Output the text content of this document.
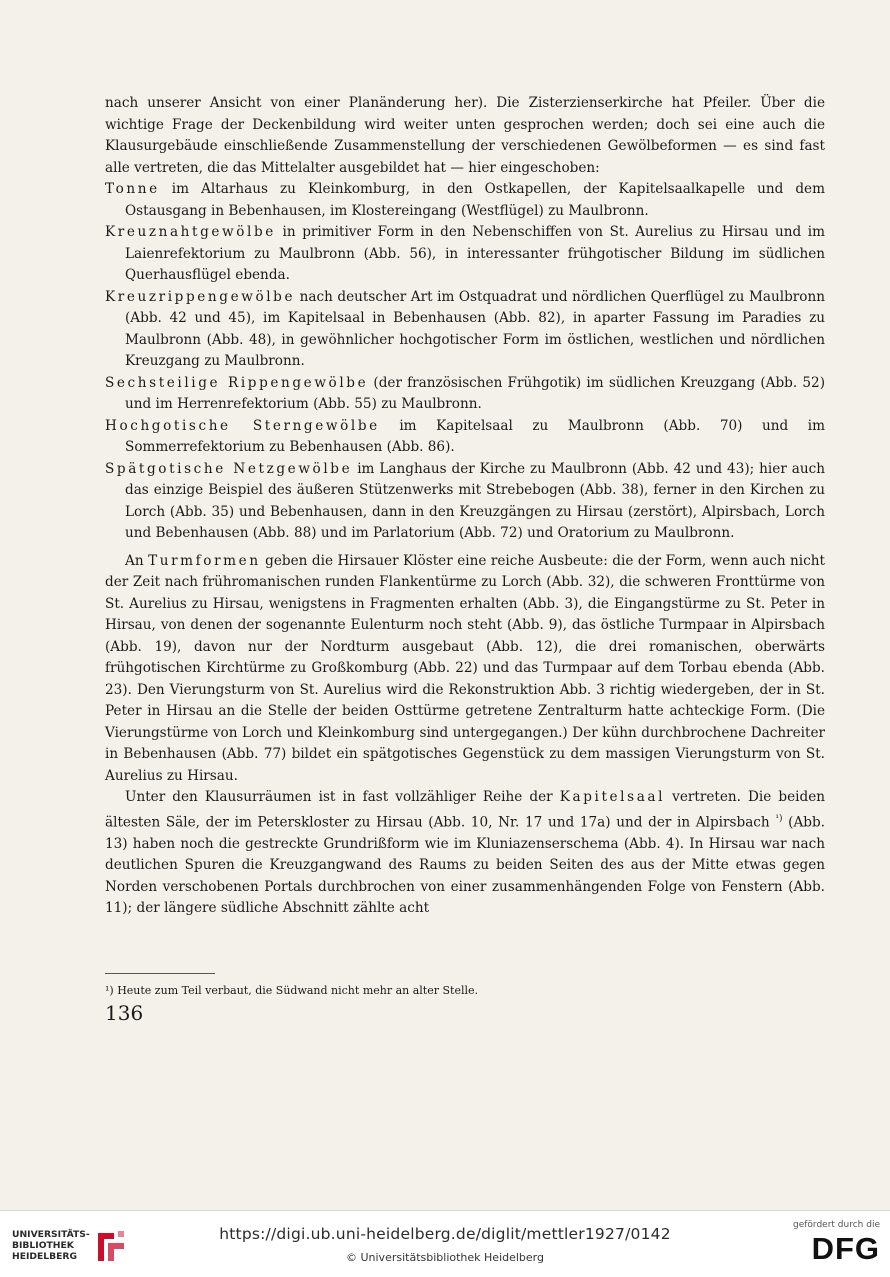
nach unserer Ansicht von einer Planänderung her). Die Zisterzienserkirche hat Pfeiler. Über die wichtige Frage der Deckenbildung wird weiter unten gesprochen werden; doch sei eine auch die Klausurgebäude einschließende Zusammenstellung der verschiedenen Gewölbeformen — es sind fast alle vertreten, die das Mittelalter ausgebildet hat — hier eingeschoben:

Tonne im Altarhaus zu Kleinkomburg, in den Ostkapellen, der Kapitelsaalkapelle und dem Ostausgang in Bebenhausen, im Klostereingang (Westflügel) zu Maulbronn.

Kreuznahtgewölbe in primitiver Form in den Nebenschiffen von St. Aurelius zu Hirsau und im Laienrefektorium zu Maulbronn (Abb. 56), in interessanter frühgotischer Bildung im südlichen Querhausflügel ebenda.

Kreuzrippengewölbe nach deutscher Art im Ostquadrat und nördlichen Querflügel zu Maulbronn (Abb. 42 und 45), im Kapitelsaal in Bebenhausen (Abb. 82), in aparter Fassung im Paradies zu Maulbronn (Abb. 48), in gewöhnlicher hochgotischer Form im östlichen, westlichen und nördlichen Kreuzgang zu Maulbronn.

Sechsteilige Rippengewölbe (der französischen Frühgotik) im südlichen Kreuzgang (Abb. 52) und im Herrenrefektorium (Abb. 55) zu Maulbronn.

Hochgotische Sterngewölbe im Kapitelsaal zu Maulbronn (Abb. 70) und im Sommerrefektorium zu Bebenhausen (Abb. 86).

Spätgotische Netzgewölbe im Langhaus der Kirche zu Maulbronn (Abb. 42 und 43); hier auch das einzige Beispiel des äußeren Stützenwerks mit Strebebogen (Abb. 38), ferner in den Kirchen zu Lorch (Abb. 35) und Bebenhausen, dann in den Kreuzgängen zu Hirsau (zerstört), Alpirsbach, Lorch und Bebenhausen (Abb. 88) und im Parlatorium (Abb. 72) und Oratorium zu Maulbronn.

An Turmformen geben die Hirsauer Klöster eine reiche Ausbeute: die der Form, wenn auch nicht der Zeit nach frühromanischen runden Flankentürme zu Lorch (Abb. 32), die schweren Fronttürme von St. Aurelius zu Hirsau, wenigstens in Fragmenten erhalten (Abb. 3), die Eingangstürme zu St. Peter in Hirsau, von denen der sogenannte Eulenturm noch steht (Abb. 9), das östliche Turmpaar in Alpirsbach (Abb. 19), davon nur der Nordturm ausgebaut (Abb. 12), die drei romanischen, oberwärts frühgotischen Kirchtürme zu Großkomburg (Abb. 22) und das Turmpaar auf dem Torbau ebenda (Abb. 23). Den Vierungsturm von St. Aurelius wird die Rekonstruktion Abb. 3 richtig wiedergeben, der in St. Peter in Hirsau an die Stelle der beiden Osttürme getretene Zentralturm hatte achteckige Form. (Die Vierungstürme von Lorch und Kleinkomburg sind untergegangen.) Der kühn durchbrochene Dachreiter in Bebenhausen (Abb. 77) bildet ein spätgotisches Gegenstück zu dem massigen Vierungsturm von St. Aurelius zu Hirsau.

Unter den Klausurräumen ist in fast vollzähliger Reihe der Kapitelsaal vertreten. Die beiden ältesten Säle, der im Peterskloster zu Hirsau (Abb. 10, Nr. 17 und 17a) und der in Alpirsbach $^{^1)}$ (Abb. 13) haben noch die gestreckte Grundrißform wie im Kluniazenserschema (Abb. 4). In Hirsau war nach deutlichen Spuren die Kreuzgangwand des Raums zu beiden Seiten des aus der Mitte etwas gegen Norden verschobenen Portals durchbrochen von einer zusammenhängenden Folge von Fenstern (Abb. 11); der längere südliche Abschnitt zählte acht

¹) Heute zum Teil verbaut, die Südwand nicht mehr an alter Stelle.
136
UNIVERSITÄTS-
BIBLIOTHEK
HEIDELBERG
https://digi.ub.uni-heidelberg.de/diglit/mettler1927/0142
© Universitätsbibliothek Heidelberg
gefördert durch die
DFG
